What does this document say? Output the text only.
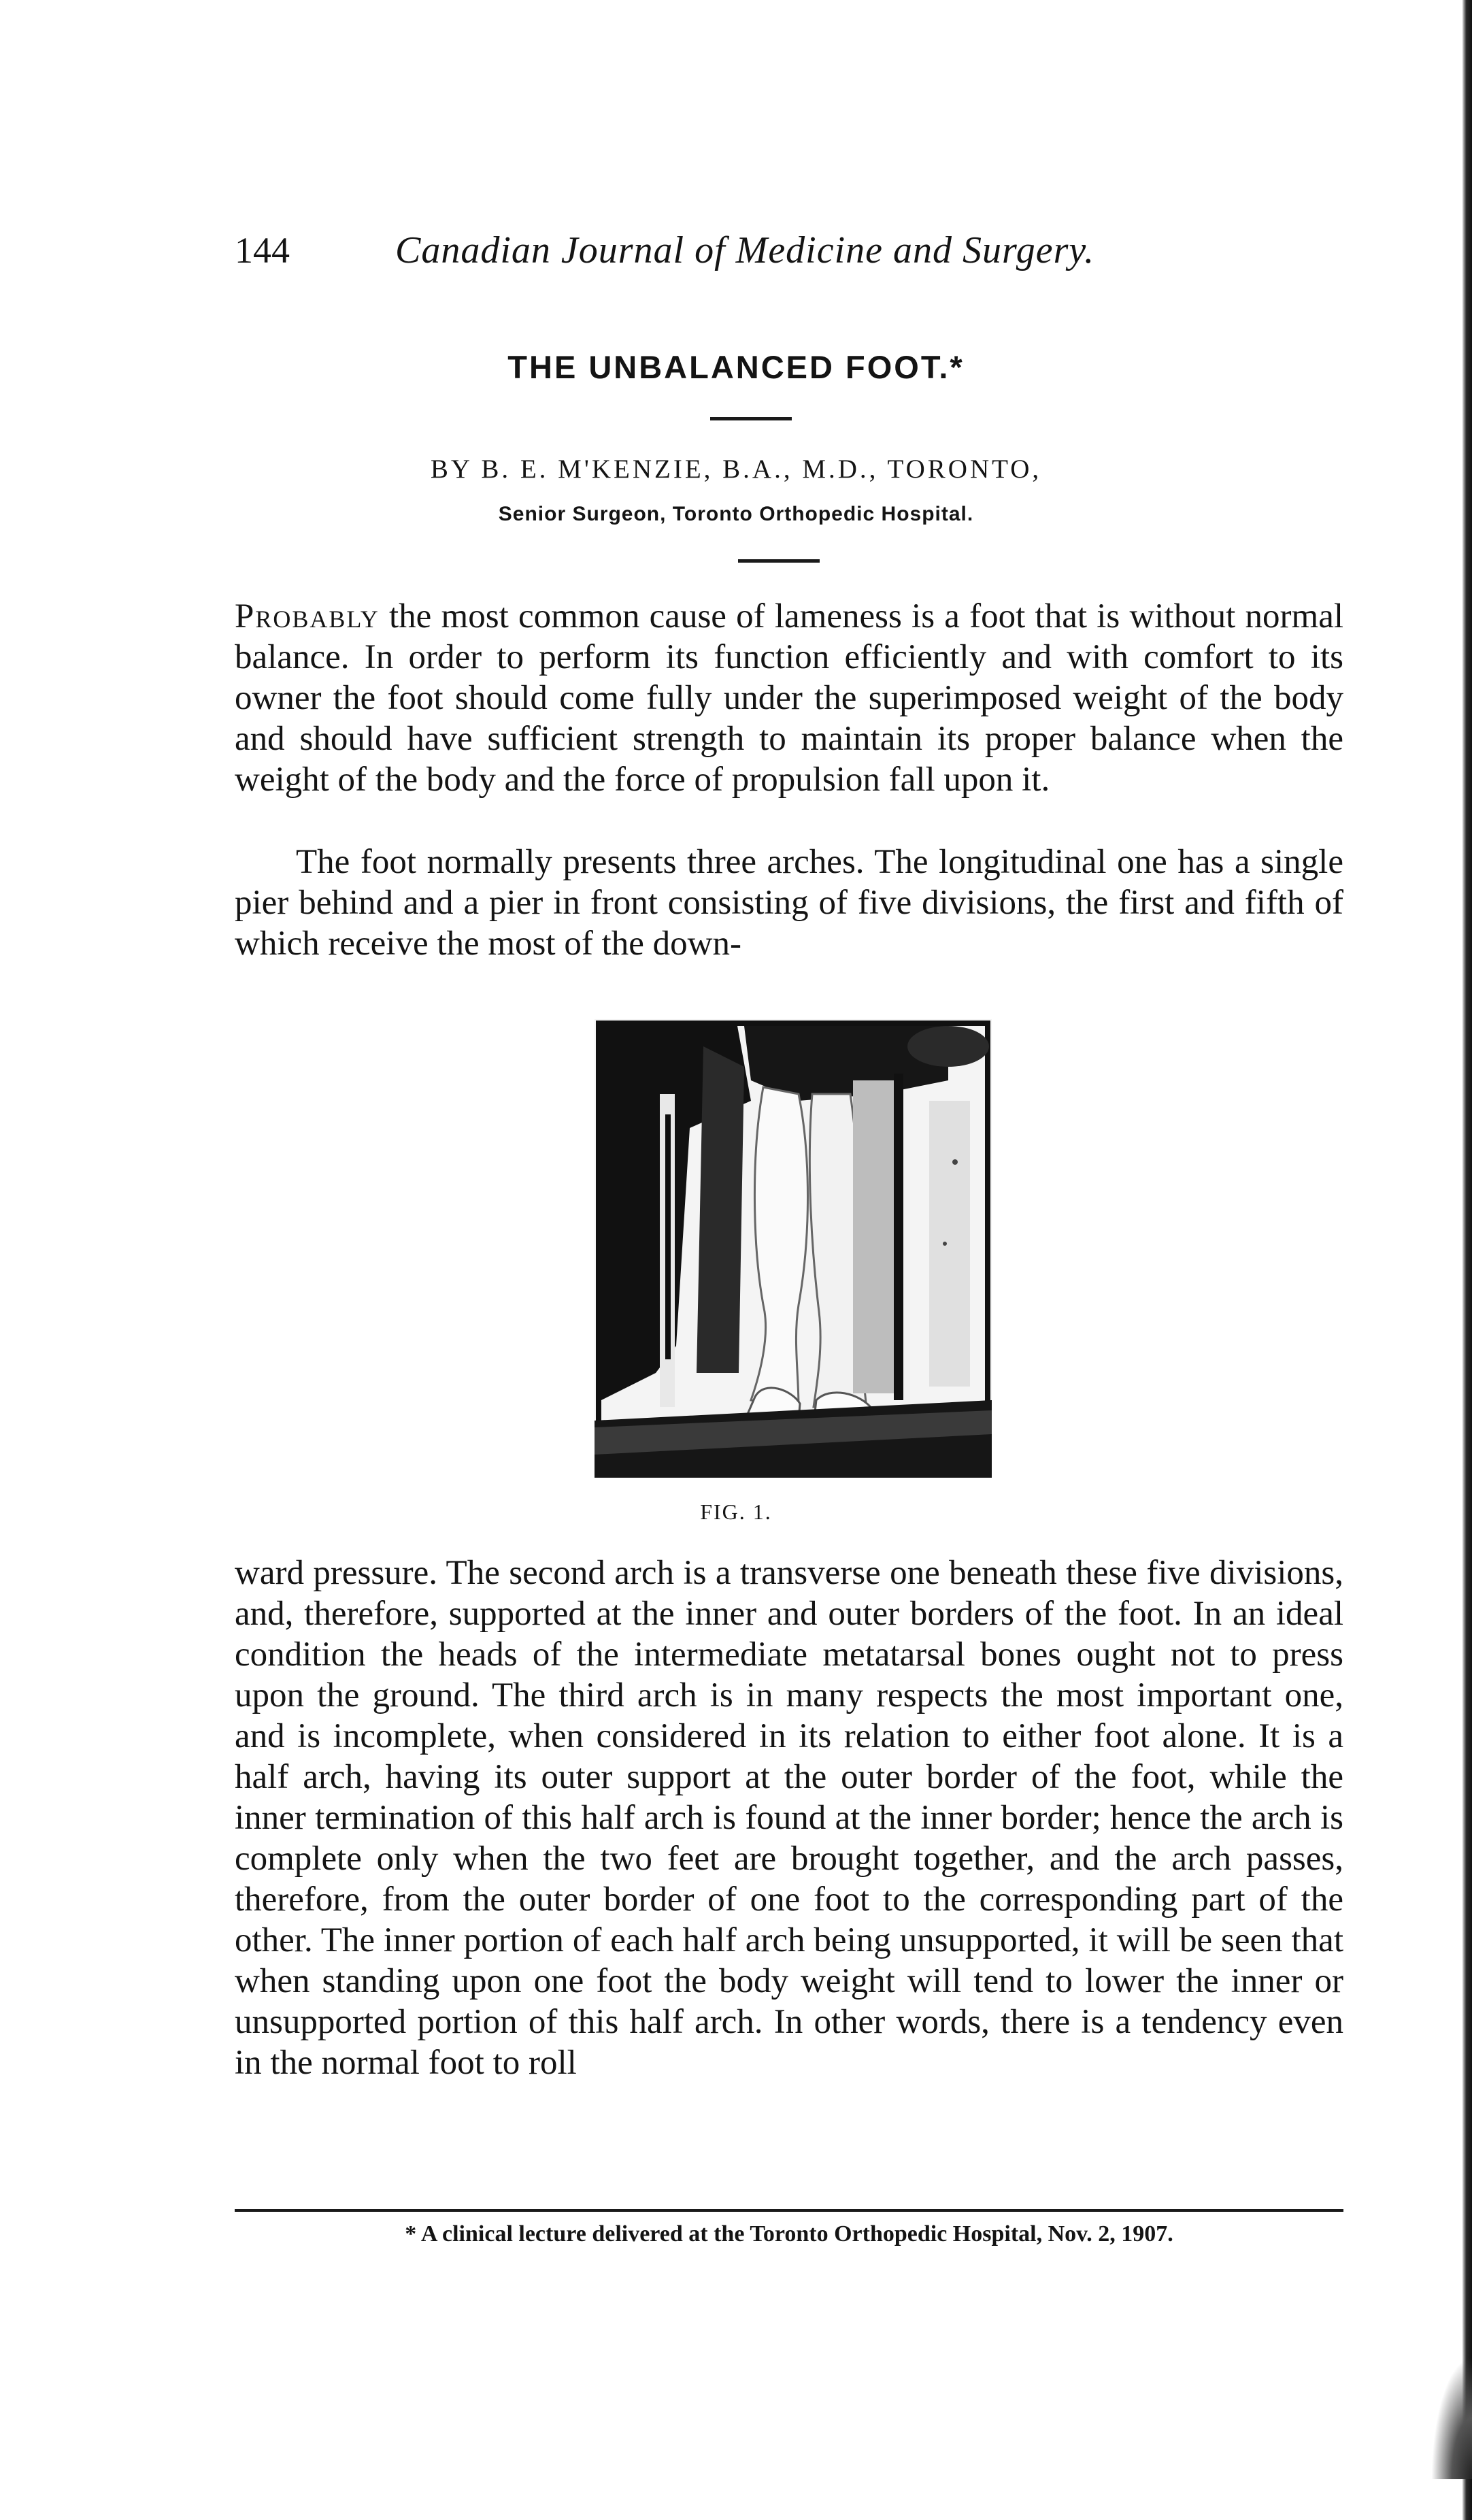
144	Canadian Journal of Medicine and Surgery.
THE UNBALANCED FOOT.*
BY B. E. M'KENZIE, B.A., M.D., TORONTO,
Senior Surgeon, Toronto Orthopedic Hospital.

Probably the most common cause of lameness is a foot that is without normal balance. In order to perform its function efficiently and with comfort to its owner the foot should come fully under the superimposed weight of the body and should have sufficient strength to maintain its proper balance when the weight of the body and the force of propulsion fall upon it.

The foot normally presents three arches. The longitudinal one has a single pier behind and a pier in front consisting of five divisions, the first and fifth of which receive the most of the down-

FIG. 1.

ward pressure. The second arch is a transverse one beneath these five divisions, and, therefore, supported at the inner and outer borders of the foot. In an ideal condition the heads of the intermediate metatarsal bones ought not to press upon the ground. The third arch is in many respects the most important one, and is incomplete, when considered in its relation to either foot alone. It is a half arch, having its outer support at the outer border of the foot, while the inner termination of this half arch is found at the inner border; hence the arch is complete only when the two feet are brought together, and the arch passes, therefore, from the outer border of one foot to the corresponding part of the other. The inner portion of each half arch being unsupported, it will be seen that when standing upon one foot the body weight will tend to lower the inner or unsupported portion of this half arch. In other words, there is a tendency even in the normal foot to roll

* A clinical lecture delivered at the Toronto Orthopedic Hospital, Nov. 2, 1907.
